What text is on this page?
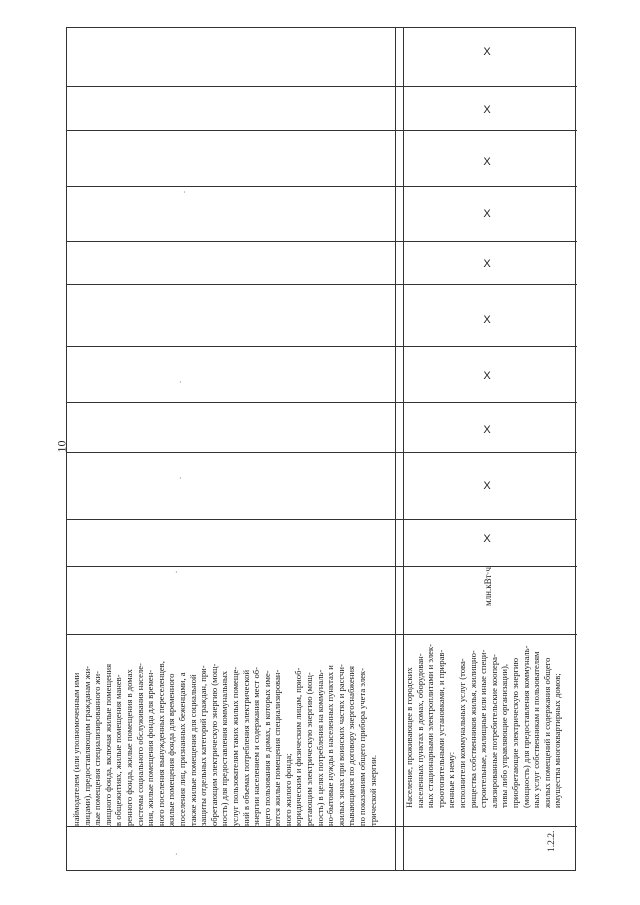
10
наймодателем (или уполномоченным ими лицами), предоставляющим гражданам жи- лые помещения специализированного жи- лищного фонда, включая жилые помещения в общежитиях, жилые помещения манев- ренного фонда, жилые помещения в домах системы социального обслуживания населе- ния, жилые помещения фонда для времен- ного поселения вынужденных переселенцев, жилые помещения фонда для временного поселения лиц, признанных беженцами, а также жилые помещения для социальной защиты отдельных категорий граждан, при- обретающим электрическую энергию (мощ- ность) для предоставления коммунальных услуг пользователям таких жилых помеще- ний в объемах потребления электрической энергии населением и содержания мест об- щего пользования в домах, в которых име- ются жилые помещения специализирован- ного жилого фонда; юридическим и физическим лицам, приоб- ретающим электрическую энергию (мощ- ность) в целях потребления на коммуналь- но-бытовые нужды в населенных пунктах и жилых зонах при воинских частях и рассчи- тывающимся по договору энергоснабжения по показаниям общего прибора учета элек- трической энергии.
1.2.2.
Население, проживающее в городских населенных пунктах в домах, оборудован- ных стационарными электроплитами и элек- троотопительными установками, и прирав- ненные к нему: исполнители коммунальных услуг (това- рищества собственников жилья, жилищно- строительные, жилищные или иные специ- ализированные потребительские коопера- тивы либо управляющие организации), приобретающие электрическую энергию (мощность) для предоставления коммуналь- ных услуг собственникам и пользователям жилых помещений и содержания общего имущества многоквартирных домов;
млн.кВт·ч
X
X
X
X
X
X
X
X
X
X
·
·
·
·
·
